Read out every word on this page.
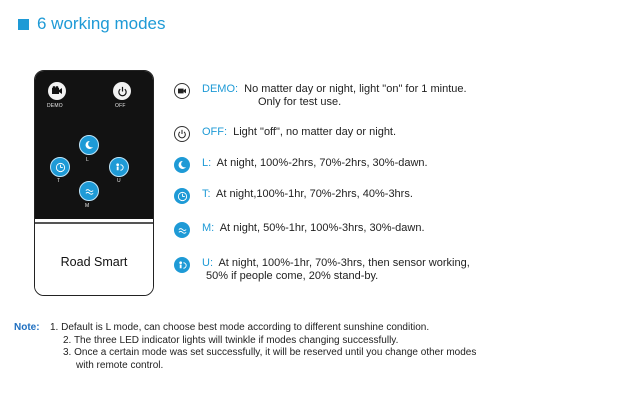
6 working modes
DEMO	OFF
L
T	U
M
Road Smart
DEMO: No matter day or night, light "on" for 1 mintue.
Only for test use.
OFF: Light "off", no matter day or night.
L: At night, 100%-2hrs, 70%-2hrs, 30%-dawn.
T: At night,100%-1hr, 70%-2hrs, 40%-3hrs.
M: At night, 50%-1hr, 100%-3hrs, 30%-dawn.
U: At night, 100%-1hr, 70%-3hrs, then sensor working,
50% if people come, 20% stand-by.
Note: 1. Default is L mode, can choose best mode according to different sunshine condition.
2. The three LED indicator lights will twinkle if modes changing successfully.
3. Once a certain mode was set successfully, it will be reserved until you change other modes
with remote control.
